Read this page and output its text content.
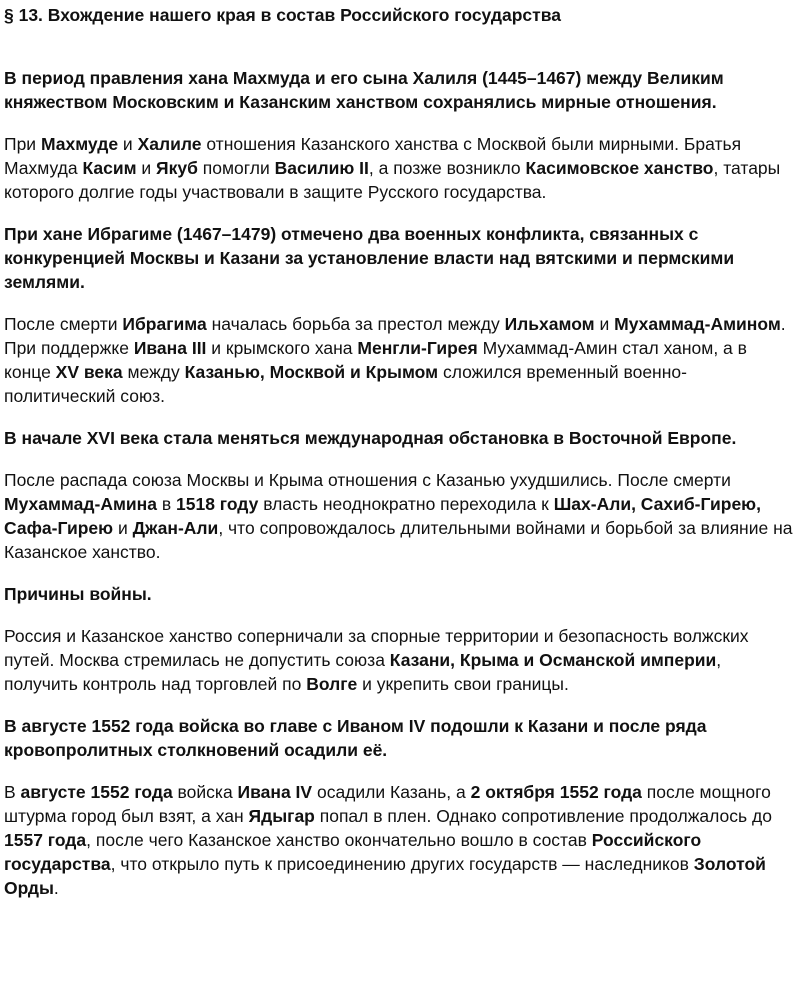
§ 13. Вхождение нашего края в состав Российского государства

В период правления хана Махмуда и его сына Халиля (1445–1467) между Великим княжеством Московским и Казанским ханством сохранялись мирные отношения.

При Махмуде и Халиле отношения Казанского ханства с Москвой были мирными. Братья Махмуда Касим и Якуб помогли Василию II, а позже возникло Касимовское ханство, татары которого долгие годы участвовали в защите Русского государства.

При хане Ибрагиме (1467–1479) отмечено два военных конфликта, связанных с конкуренцией Москвы и Казани за установление власти над вятскими и пермскими землями.

После смерти Ибрагима началась борьба за престол между Ильхамом и Мухаммад-Амином. При поддержке Ивана III и крымского хана Менгли-Гирея Мухаммад-Амин стал ханом, а в конце XV века между Казанью, Москвой и Крымом сложился временный военно-политический союз.

В начале XVI века стала меняться международная обстановка в Восточной Европе.

После распада союза Москвы и Крыма отношения с Казанью ухудшились. После смерти Мухаммад-Амина в 1518 году власть неоднократно переходила к Шах-Али, Сахиб-Гирею, Сафа-Гирею и Джан-Али, что сопровождалось длительными войнами и борьбой за влияние на Казанское ханство.

Причины войны.

Россия и Казанское ханство соперничали за спорные территории и безопасность волжских путей. Москва стремилась не допустить союза Казани, Крыма и Османской империи, получить контроль над торговлей по Волге и укрепить свои границы.

В августе 1552 года войска во главе с Иваном IV подошли к Казани и после ряда кровопролитных столкновений осадили её.

В августе 1552 года войска Ивана IV осадили Казань, а 2 октября 1552 года после мощного штурма город был взят, а хан Ядыгар попал в плен. Однако сопротивление продолжалось до 1557 года, после чего Казанское ханство окончательно вошло в состав Российского государства, что открыло путь к присоединению других государств — наследников Золотой Орды.
